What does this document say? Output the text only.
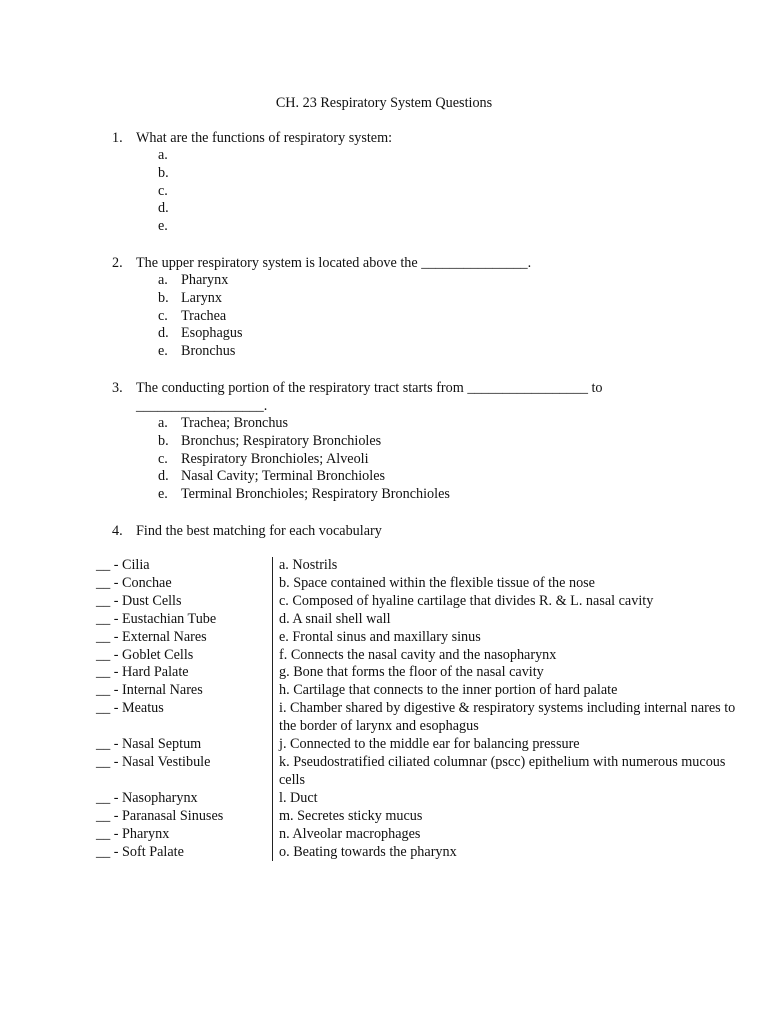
CH. 23 Respiratory System Questions
1. What are the functions of respiratory system:
a.
b.
c.
d.
e.
2. The upper respiratory system is located above the _______________.
a. Pharynx
b. Larynx
c. Trachea
d. Esophagus
e. Bronchus
3. The conducting portion of the respiratory tract starts from _________________ to __________________.
a. Trachea; Bronchus
b. Bronchus; Respiratory Bronchioles
c. Respiratory Bronchioles; Alveoli
d. Nasal Cavity; Terminal Bronchioles
e. Terminal Bronchioles; Respiratory Bronchioles
4. Find the best matching for each vocabulary
__ - Cilia	a. Nostrils
__ - Conchae	b. Space contained within the flexible tissue of the nose
__ - Dust Cells	c. Composed of hyaline cartilage that divides R. & L. nasal cavity
__ - Eustachian Tube	d. A snail shell wall
__ - External Nares	e. Frontal sinus and maxillary sinus
__ - Goblet Cells	f. Connects the nasal cavity and the nasopharynx
__ - Hard Palate	g. Bone that forms the floor of the nasal cavity
__ - Internal Nares	h. Cartilage that connects to the inner portion of hard palate
__ - Meatus	i. Chamber shared by digestive & respiratory systems including internal nares to the border of larynx and esophagus
__ - Nasal Septum	j. Connected to the middle ear for balancing pressure
__ - Nasal Vestibule	k. Pseudostratified ciliated columnar (pscc) epithelium with numerous mucous cells
__ - Nasopharynx	l. Duct
__ - Paranasal Sinuses	m. Secretes sticky mucus
__ - Pharynx	n. Alveolar macrophages
__ - Soft Palate	o. Beating towards the pharynx
